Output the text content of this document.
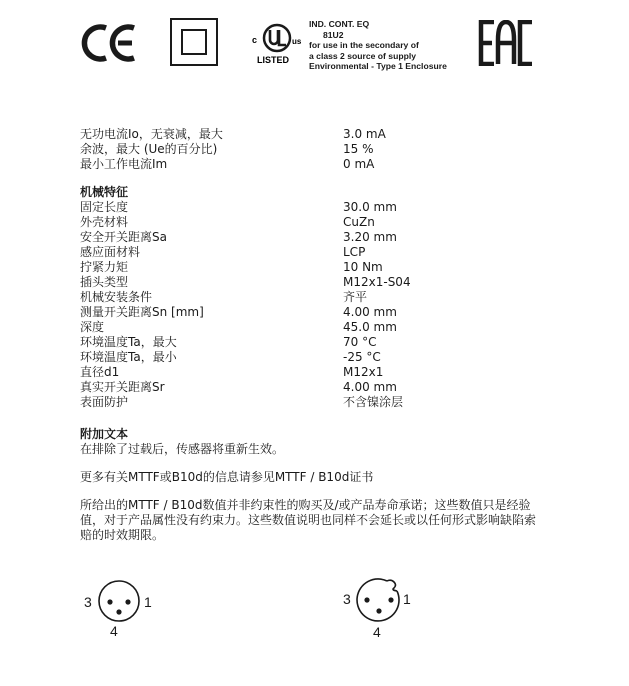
c	us
LISTED
IND. CONT. EQ
81U2
for use in the secondary of
a class 2 source of supply
Environmental - Type 1 Enclosure
无功电流Io，无衰减，最大	3.0 mA
余波，最大 (Ue的百分比)	15 %
最小工作电流Im	0 mA
机械特征
固定长度	30.0 mm
外壳材料	CuZn
安全开关距离Sa	3.20 mm
感应面材料	LCP
拧紧力矩	10 Nm
插头类型	M12x1-S04
机械安装条件	齐平
测量开关距离Sn [mm]	4.00 mm
深度	45.0 mm
环境温度Ta，最大	70 °C
环境温度Ta，最小	-25 °C
直径d1	M12x1
真实开关距离Sr	4.00 mm
表面防护	不含镍涂层
附加文本
在排除了过载后，传感器将重新生效。
更多有关MTTF或B10d的信息请参见MTTF / B10d证书
所给出的MTTF / B10d数值并非约束性的购买及/或产品寿命承诺；这些数值只是经验
值，对于产品属性没有约束力。这些数值说明也同样不会延长或以任何形式影响缺陷索
赔的时效期限。
3	1
4
3	1
4
